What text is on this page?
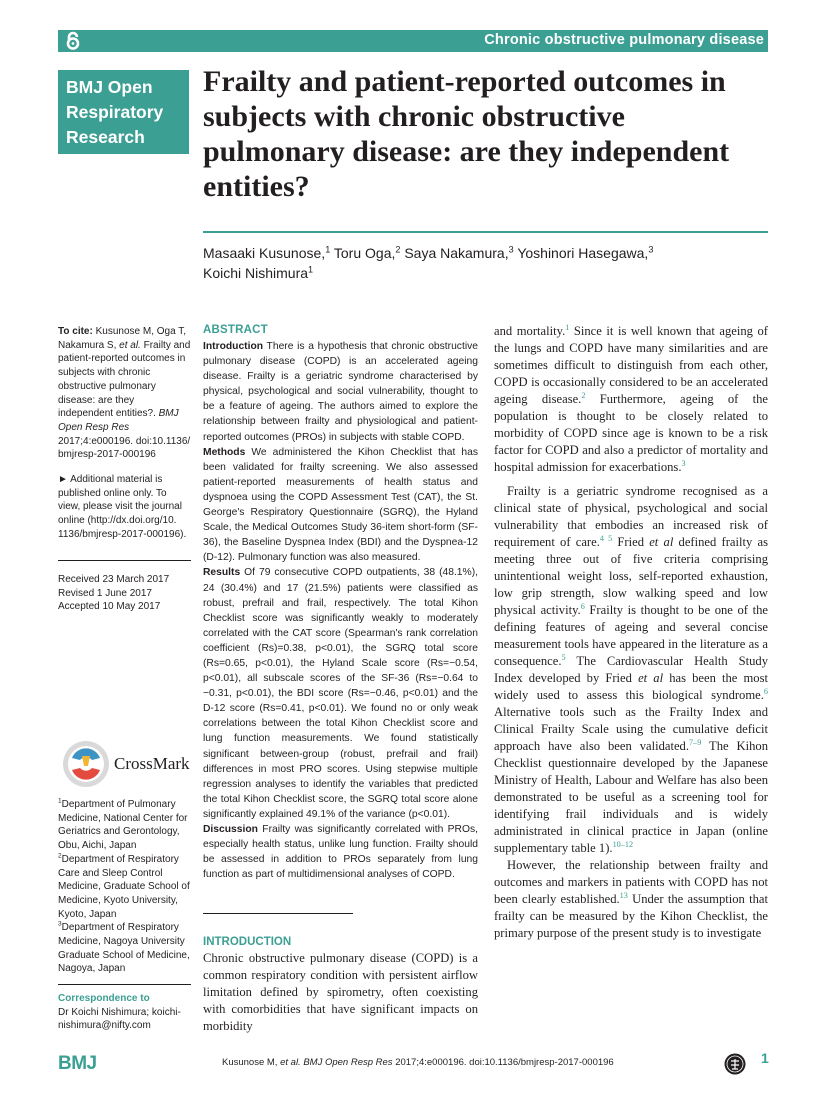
Chronic obstructive pulmonary disease
BMJ Open
Respiratory
Research
Frailty and patient-reported outcomes in subjects with chronic obstructive pulmonary disease: are they independent entities?
Masaaki Kusunose,$^1$ Toru Oga,$^2$ Saya Nakamura,$^3$ Yoshinori Hasegawa,$^3$
Koichi Nishimura$^1$
To cite: Kusunose M, Oga T, Nakamura S, et al. Frailty and patient-reported outcomes in subjects with chronic obstructive pulmonary disease: are they independent entities?. BMJ Open Resp Res 2017;4:e000196. doi:10.1136/ bmjresp-2017-000196
► Additional material is published online only. To view, please visit the journal online (http://dx.doi.org/10. 1136/bmjresp-2017-000196).
Received 23 March 2017
Revised 1 June 2017
Accepted 10 May 2017
CrossMark
$^1$Department of Pulmonary Medicine, National Center for Geriatrics and Gerontology, Obu, Aichi, Japan
$^2$Department of Respiratory Care and Sleep Control Medicine, Graduate School of Medicine, Kyoto University, Kyoto, Japan
$^3$Department of Respiratory Medicine, Nagoya University Graduate School of Medicine, Nagoya, Japan
Correspondence to
Dr Koichi Nishimura; koichi-nishimura@nifty.com
ABSTRACT

Introduction There is a hypothesis that chronic obstructive pulmonary disease (COPD) is an accelerated ageing disease. Frailty is a geriatric syndrome characterised by physical, psychological and social vulnerability, thought to be a feature of ageing. The authors aimed to explore the relationship between frailty and physiological and patient-reported outcomes (PROs) in subjects with stable COPD.

Methods We administered the Kihon Checklist that has been validated for frailty screening. We also assessed patient-reported measurements of health status and dyspnoea using the COPD Assessment Test (CAT), the St. George's Respiratory Questionnaire (SGRQ), the Hyland Scale, the Medical Outcomes Study 36-item short-form (SF-36), the Baseline Dyspnea Index (BDI) and the Dyspnea-12 (D-12). Pulmonary function was also measured.

Results Of 79 consecutive COPD outpatients, 38 (48.1%), 24 (30.4%) and 17 (21.5%) patients were classified as robust, prefrail and frail, respectively. The total Kihon Checklist score was significantly weakly to moderately correlated with the CAT score (Spearman's rank correlation coefficient (Rs)=0.38, p<0.01), the SGRQ total score (Rs=0.65, p<0.01), the Hyland Scale score (Rs=−0.54, p<0.01), all subscale scores of the SF-36 (Rs=−0.64 to −0.31, p<0.01), the BDI score (Rs=−0.46, p<0.01) and the D-12 score (Rs=0.41, p<0.01). We found no or only weak correlations between the total Kihon Checklist score and lung function measurements. We found statistically significant between-group (robust, prefrail and frail) differences in most PRO scores. Using stepwise multiple regression analyses to identify the variables that predicted the total Kihon Checklist score, the SGRQ total score alone significantly explained 49.1% of the variance (p<0.01).

Discussion Frailty was significantly correlated with PROs, especially health status, unlike lung function. Frailty should be assessed in addition to PROs separately from lung function as part of multidimensional analyses of COPD.

INTRODUCTION

Chronic obstructive pulmonary disease (COPD) is a common respiratory condition with persistent airflow limitation defined by spirometry, often coexisting with comorbidities that have significant impacts on morbidity

and mortality.$^1$ Since it is well known that ageing of the lungs and COPD have many similarities and are sometimes difficult to distinguish from each other, COPD is occasionally considered to be an accelerated ageing disease.$^2$ Furthermore, ageing of the population is thought to be closely related to morbidity of COPD since age is known to be a risk factor for COPD and also a predictor of mortality and hospital admission for exacerbations.$^3$

Frailty is a geriatric syndrome recognised as a clinical state of physical, psychological and social vulnerability that embodies an increased risk of requirement of care.$^{4 5}$ Fried et al defined frailty as meeting three out of five criteria comprising unintentional weight loss, self-reported exhaustion, low grip strength, slow walking speed and low physical activity.$^6$ Frailty is thought to be one of the defining features of ageing and several concise measurement tools have appeared in the literature as a consequence.$^5$ The Cardiovascular Health Study Index developed by Fried et al has been the most widely used to assess this biological syndrome.$^6$ Alternative tools such as the Frailty Index and Clinical Frailty Scale using the cumulative deficit approach have also been validated.$^{7-9}$ The Kihon Checklist questionnaire developed by the Japanese Ministry of Health, Labour and Welfare has also been demonstrated to be useful as a screening tool for identifying frail individuals and is widely administrated in clinical practice in Japan (online supplementary table 1).$^{10-12}$

However, the relationship between frailty and outcomes and markers in patients with COPD has not been clearly established.$^{13}$ Under the assumption that frailty can be measured by the Kihon Checklist, the primary purpose of the present study is to investigate

BMJ	Kusunose M, et al. BMJ Open Resp Res 2017;4:e000196. doi:10.1136/bmjresp-2017-000196	1
